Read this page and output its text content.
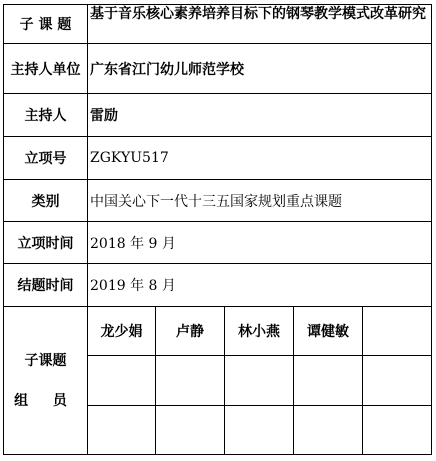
子 课 题	基于音乐核心素养培养目标下的钢琴教学模式改革研究				
主持人单位	广东省江门幼儿师范学校				
主持人	雷励				
立项号	ZGKYU517				
类别	中国关心下一代十三五国家规划重点课题				
立项时间	2018 年 9 月				
结题时间	2019 年 8 月				
子课题
组 员	龙少娟	卢静	林小燕	谭健敏	
